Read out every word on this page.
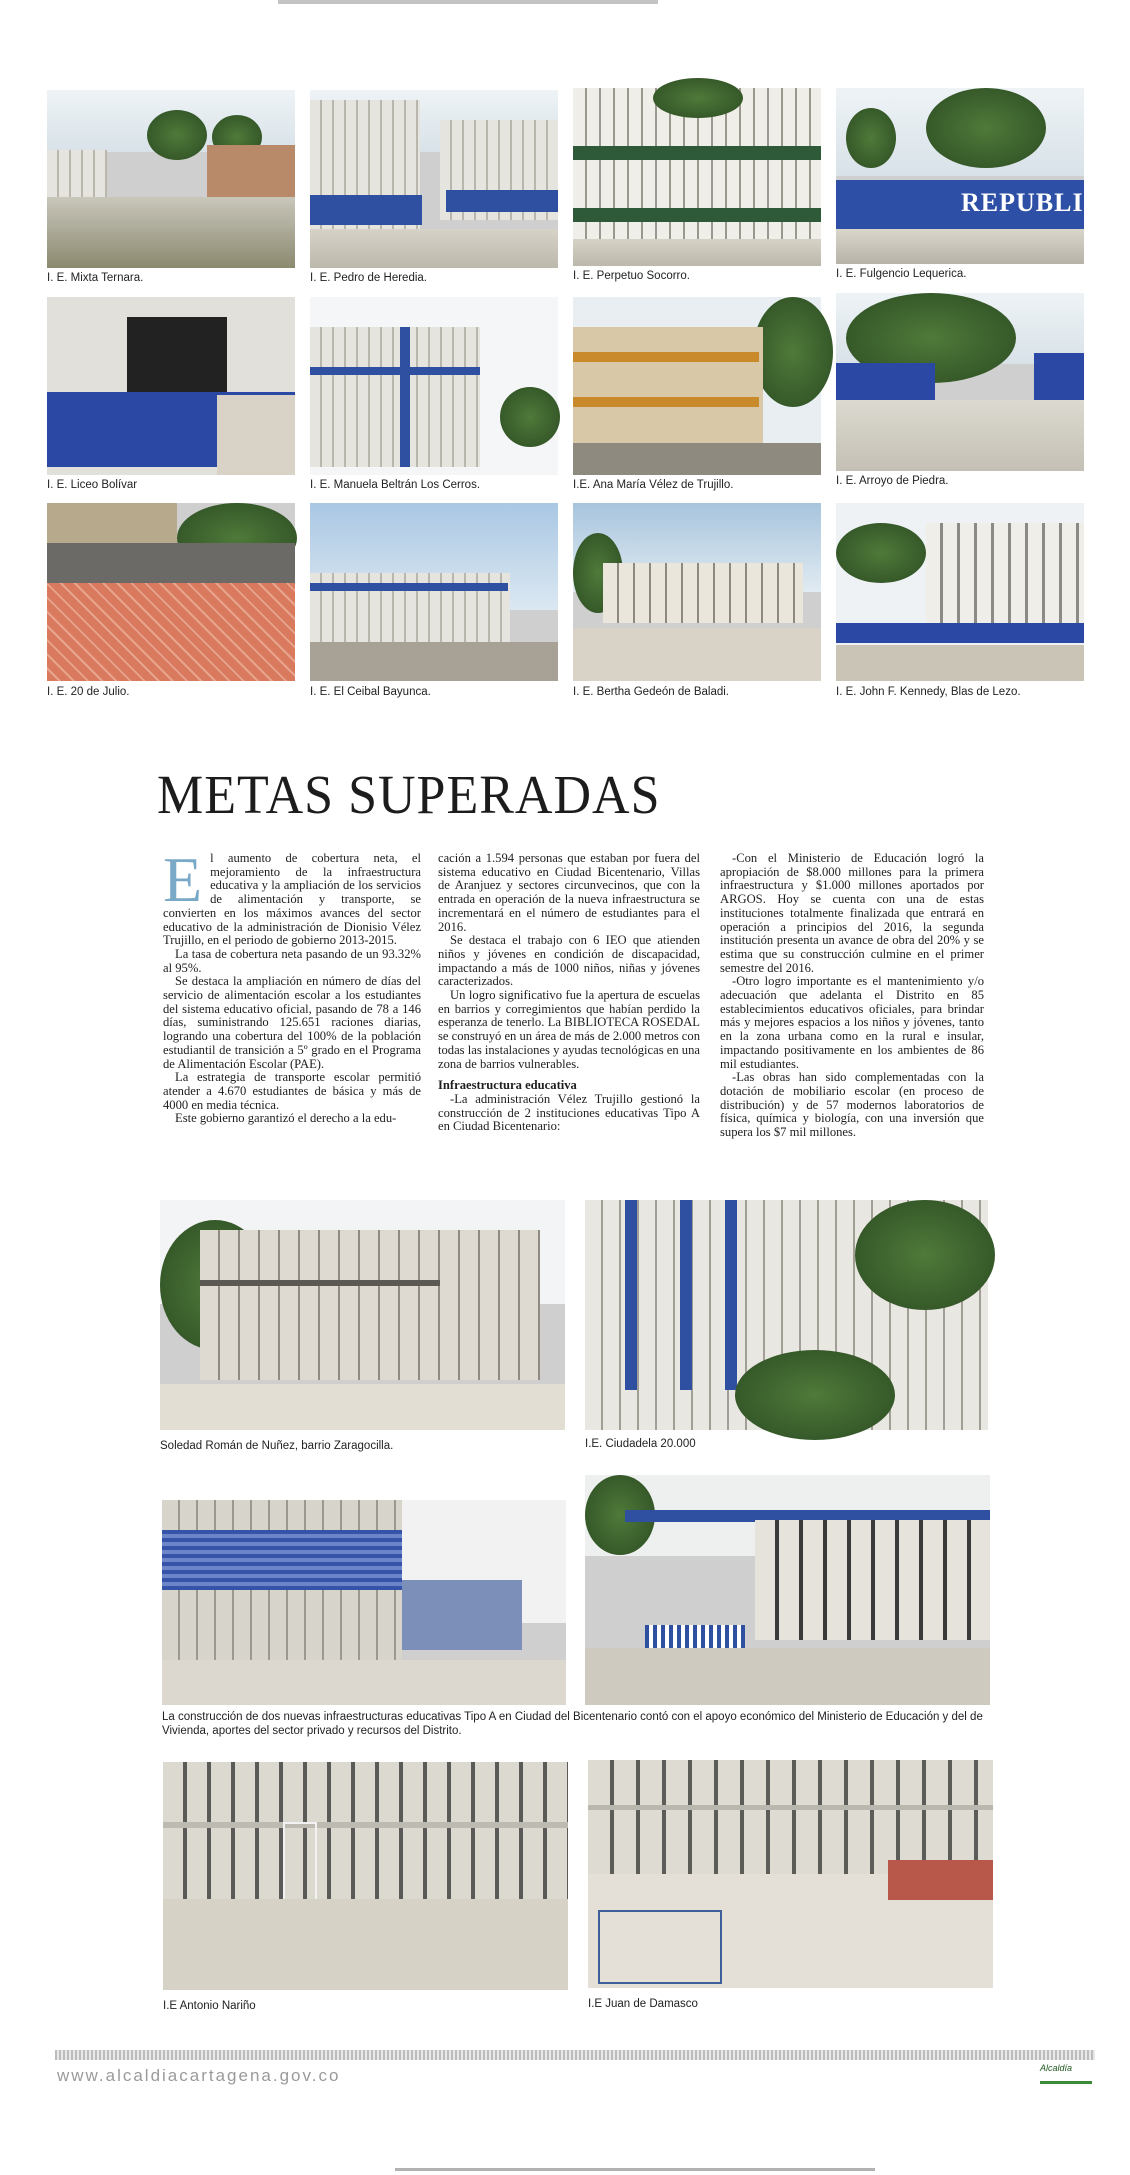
I. E. Mixta Ternara.	I. E. Pedro de Heredia.	I. E. Perpetuo Socorro.
REPUBLICA
I. E. Fulgencio Lequerica.
I. E. Liceo Bolívar	I. E. Manuela Beltrán Los Cerros.	I.E. Ana María Vélez de Trujillo.	I. E. Arroyo de Piedra.
I. E. 20 de Julio.	I. E. El Ceibal Bayunca.	I. E. Bertha Gedeón de Baladi.	I. E. John F. Kennedy, Blas de Lezo.
METAS SUPERADAS
E l aumento de cobertura neta, el mejoramiento de la infraestructura educativa y la ampliación de los servicios de alimentación y transporte, se convierten en los máximos avances del sector educativo de la administración de Dionisio Vélez Trujillo, en el periodo de gobierno 2013-2015.

La tasa de cobertura neta pasando de un 93.32% al 95%.

Se destaca la ampliación en número de días del servicio de alimentación escolar a los estudiantes del sistema educativo oficial, pasando de 78 a 146 días, suministrando 125.651 raciones diarias, logrando una cobertura del 100% de la población estudiantil de transición a 5º grado en el Programa de Alimentación Escolar (PAE).

La estrategia de transporte escolar permitió atender a 4.670 estudiantes de básica y más de 4000 en media técnica.

Este gobierno garantizó el derecho a la edu-

cación a 1.594 personas que estaban por fuera del sistema educativo en Ciudad Bicentenario, Villas de Aranjuez y sectores circunvecinos, que con la entrada en operación de la nueva infraestructura se incrementará en el número de estudiantes para el 2016.

Se destaca el trabajo con 6 IEO que atienden niños y jóvenes en condición de discapacidad, impactando a más de 1000 niños, niñas y jóvenes caracterizados.

Un logro significativo fue la apertura de escuelas en barrios y corregimientos que habían perdido la esperanza de tenerlo. La BIBLIOTECA ROSEDAL se construyó en un área de más de 2.000 metros con todas las instalaciones y ayudas tecnológicas en una zona de barrios vulnerables.

Infraestructura educativa

-La administración Vélez Trujillo gestionó la construcción de 2 instituciones educativas Tipo A en Ciudad Bicentenario:

-Con el Ministerio de Educación logró la apropiación de $8.000 millones para la primera infraestructura y $1.000 millones aportados por ARGOS. Hoy se cuenta con una de estas instituciones totalmente finalizada que entrará en operación a principios del 2016, la segunda institución presenta un avance de obra del 20% y se estima que su construcción culmine en el primer semestre del 2016.

-Otro logro importante es el mantenimiento y/o adecuación que adelanta el Distrito en 85 establecimientos educativos oficiales, para brindar más y mejores espacios a los niños y jóvenes, tanto en la zona urbana como en la rural e insular, impactando positivamente en los ambientes de 86 mil estudiantes.

-Las obras han sido complementadas con la dotación de mobiliario escolar (en proceso de distribución) y de 57 modernos laboratorios de física, química y biología, con una inversión que supera los $7 mil millones.

Soledad Román de Nuñez, barrio Zaragocilla.	I.E. Ciudadela 20.000
La construcción de dos nuevas infraestructuras educativas Tipo A en Ciudad del Bicentenario contó con el apoyo económico del Ministerio de Educación y del de Vivienda, aportes del sector privado y recursos del Distrito.
I.E Antonio Nariño	I.E Juan de Damasco
www.alcaldiacartagena.gov.co	Alcaldía
